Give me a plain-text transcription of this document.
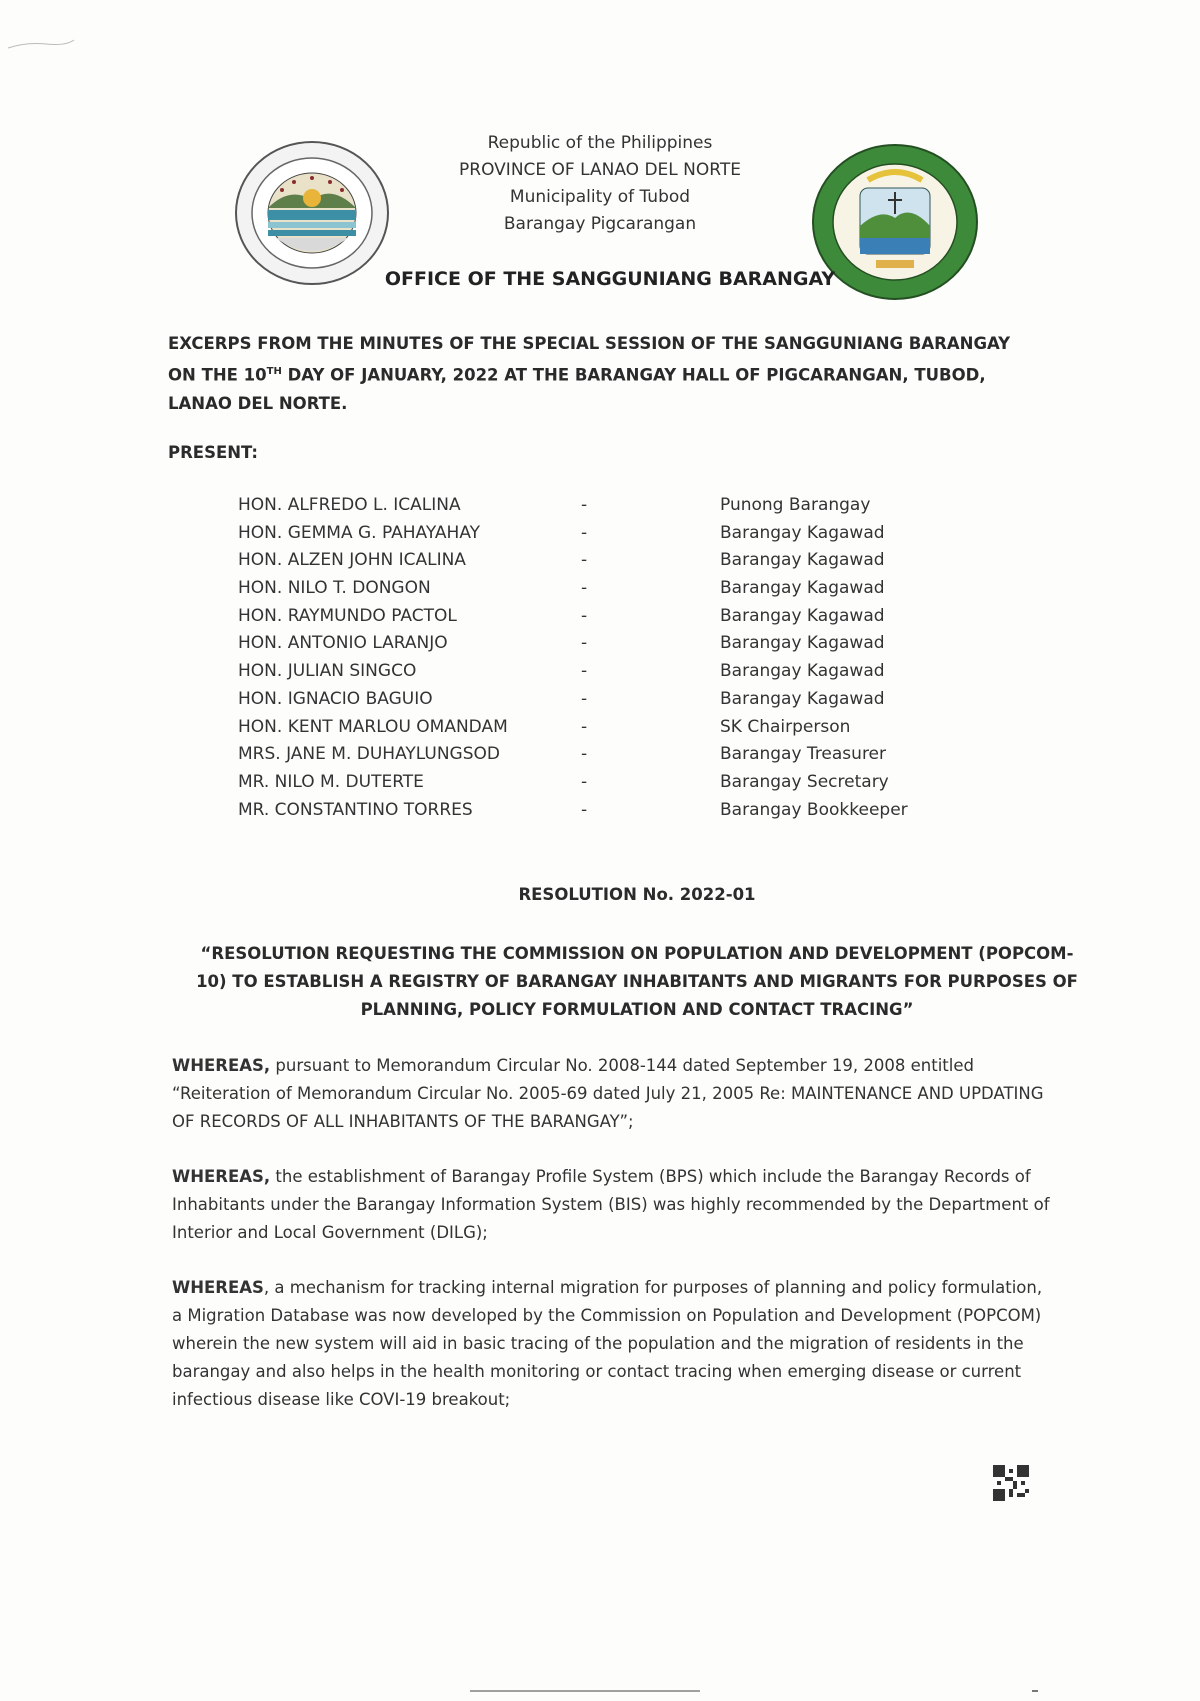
Republic of the Philippines
PROVINCE OF LANAO DEL NORTE
Municipality of Tubod
Barangay Pigcarangan
OFFICE OF THE SANGGUNIANG BARANGAY
EXCERPS FROM THE MINUTES OF THE SPECIAL SESSION OF THE SANGGUNIANG BARANGAY ON THE 10TH DAY OF JANUARY, 2022 AT THE BARANGAY HALL OF PIGCARANGAN, TUBOD, LANAO DEL NORTE.
PRESENT:
HON. ALFREDO L. ICALINA	-	Punong Barangay
HON. GEMMA G. PAHAYAHAY	-	Barangay Kagawad
HON. ALZEN JOHN ICALINA	-	Barangay Kagawad
HON. NILO T. DONGON	-	Barangay Kagawad
HON. RAYMUNDO PACTOL	-	Barangay Kagawad
HON. ANTONIO LARANJO	-	Barangay Kagawad
HON. JULIAN SINGCO	-	Barangay Kagawad
HON. IGNACIO BAGUIO	-	Barangay Kagawad
HON. KENT MARLOU OMANDAM	-	SK Chairperson
MRS. JANE M. DUHAYLUNGSOD	-	Barangay Treasurer
MR. NILO M. DUTERTE	-	Barangay Secretary
MR. CONSTANTINO TORRES	-	Barangay Bookkeeper
RESOLUTION No. 2022-01
“RESOLUTION REQUESTING THE COMMISSION ON POPULATION AND DEVELOPMENT (POPCOM-10) TO ESTABLISH A REGISTRY OF BARANGAY INHABITANTS AND MIGRANTS FOR PURPOSES OF PLANNING, POLICY FORMULATION AND CONTACT TRACING”

WHEREAS, pursuant to Memorandum Circular No. 2008-144 dated September 19, 2008 entitled “Reiteration of Memorandum Circular No. 2005-69 dated July 21, 2005 Re: MAINTENANCE AND UPDATING OF RECORDS OF ALL INHABITANTS OF THE BARANGAY”;

WHEREAS, the establishment of Barangay Profile System (BPS) which include the Barangay Records of Inhabitants under the Barangay Information System (BIS) was highly recommended by the Department of Interior and Local Government (DILG);

WHEREAS, a mechanism for tracking internal migration for purposes of planning and policy formulation, a Migration Database was now developed by the Commission on Population and Development (POPCOM) wherein the new system will aid in basic tracing of the population and the migration of residents in the barangay and also helps in the health monitoring or contact tracing when emerging disease or current infectious disease like COVI-19 breakout;
